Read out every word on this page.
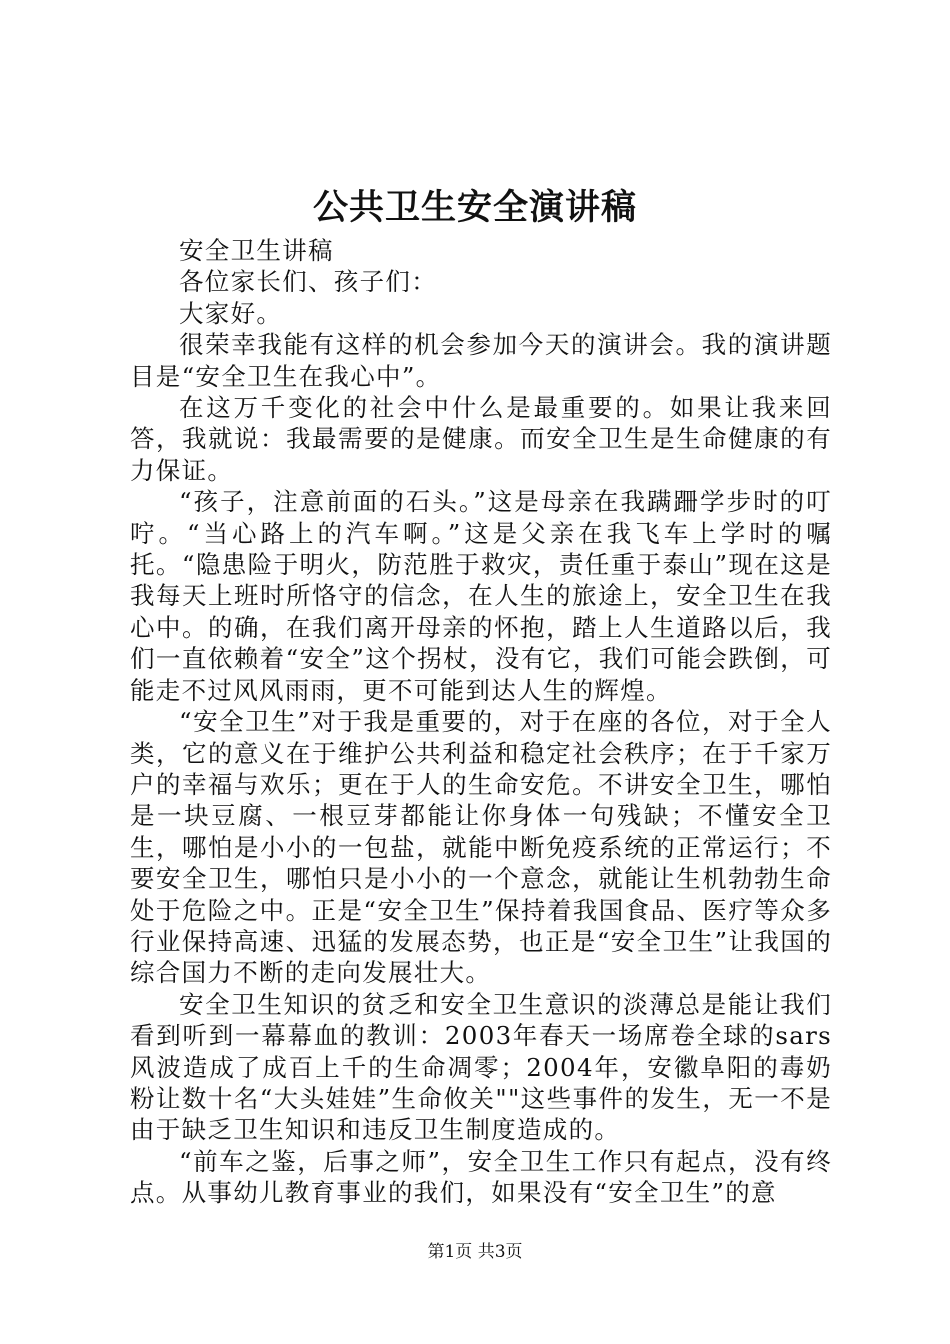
公共卫生安全演讲稿

安全卫生讲稿

各位家长们、孩子们：

大家好。

很荣幸我能有这样的机会参加今天的演讲会。我的演讲题目是“安全卫生在我心中”。

在这万千变化的社会中什么是最重要的。如果让我来回答，我就说：我最需要的是健康。而安全卫生是生命健康的有力保证。

“孩子，注意前面的石头。”这是母亲在我蹒跚学步时的叮咛。“当心路上的汽车啊。”这是父亲在我飞车上学时的嘱托。“隐患险于明火，防范胜于救灾，责任重于泰山”现在这是我每天上班时所恪守的信念，在人生的旅途上，安全卫生在我心中。的确，在我们离开母亲的怀抱，踏上人生道路以后，我们一直依赖着“安全”这个拐杖，没有它，我们可能会跌倒，可能走不过风风雨雨，更不可能到达人生的辉煌。

“安全卫生”对于我是重要的，对于在座的各位，对于全人类，它的意义在于维护公共利益和稳定社会秩序；在于千家万户的幸福与欢乐；更在于人的生命安危。不讲安全卫生，哪怕是一块豆腐、一根豆芽都能让你身体一句残缺；不懂安全卫生，哪怕是小小的一包盐，就能中断免疫系统的正常运行；不要安全卫生，哪怕只是小小的一个意念，就能让生机勃勃生命处于危险之中。正是“安全卫生”保持着我国食品、医疗等众多行业保持高速、迅猛的发展态势，也正是“安全卫生”让我国的综合国力不断的走向发展壮大。

安全卫生知识的贫乏和安全卫生意识的淡薄总是能让我们看到听到一幕幕血的教训：2003年春天一场席卷全球的sars风波造成了成百上千的生命凋零；2004年，安徽阜阳的毒奶粉让数十名“大头娃娃”生命攸关""这些事件的发生，无一不是由于缺乏卫生知识和违反卫生制度造成的。

“前车之鉴，后事之师”，安全卫生工作只有起点，没有终点。从事幼儿教育事业的我们，如果没有“安全卫生”的意

第1页 共3页
